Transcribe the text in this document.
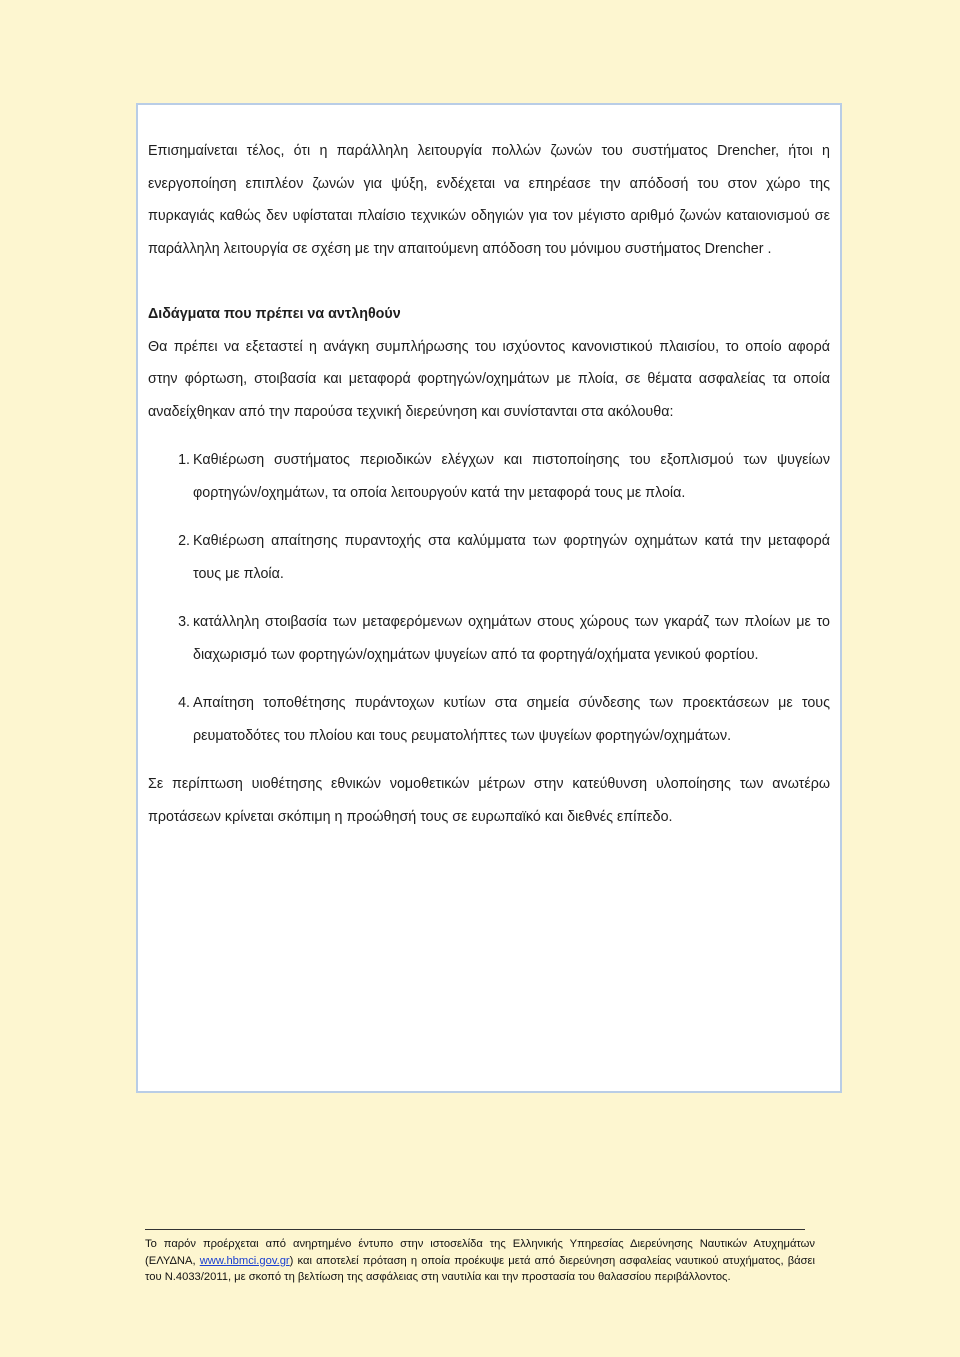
Επισημαίνεται τέλος, ότι η παράλληλη λειτουργία πολλών ζωνών του συστήματος Drencher, ήτοι η ενεργοποίηση επιπλέον ζωνών για ψύξη, ενδέχεται να επηρέασε την απόδοσή του στον χώρο της πυρκαγιάς καθώς δεν υφίσταται πλαίσιο τεχνικών οδηγιών για τον μέγιστο αριθμό ζωνών καταιονισμού σε παράλληλη λειτουργία σε σχέση με την απαιτούμενη απόδοση του μόνιμου συστήματος Drencher .

Διδάγματα που πρέπει να αντληθούν

Θα πρέπει να εξεταστεί η ανάγκη συμπλήρωσης του ισχύοντος κανονιστικού πλαισίου, το οποίο αφορά στην φόρτωση, στοιβασία και μεταφορά φορτηγών/οχημάτων με πλοία, σε θέματα ασφαλείας τα οποία αναδείχθηκαν από την παρούσα τεχνική διερεύνηση και συνίστανται στα ακόλουθα:

1. Καθιέρωση συστήματος περιοδικών ελέγχων και πιστοποίησης του εξοπλισμού των ψυγείων φορτηγών/οχημάτων, τα οποία λειτουργούν κατά την μεταφορά τους με πλοία.
2. Καθιέρωση απαίτησης πυραντοχής στα καλύμματα των φορτηγών οχημάτων κατά την μεταφορά τους με πλοία.
3. κατάλληλη στοιβασία των μεταφερόμενων οχημάτων στους χώρους των γκαράζ των πλοίων με το διαχωρισμό των φορτηγών/οχημάτων ψυγείων από τα φορτηγά/οχήματα γενικού φορτίου.
4. Απαίτηση τοποθέτησης πυράντοχων κυτίων στα σημεία σύνδεσης των προεκτάσεων με τους ρευματοδότες του πλοίου και τους ρευματολήπτες των ψυγείων φορτηγών/οχημάτων.

Σε περίπτωση υιοθέτησης εθνικών νομοθετικών μέτρων στην κατεύθυνση υλοποίησης των ανωτέρω προτάσεων κρίνεται σκόπιμη η προώθησή τους σε ευρωπαϊκό και διεθνές επίπεδο.

Το παρόν προέρχεται από ανηρτημένο έντυπο στην ιστοσελίδα της Ελληνικής Υπηρεσίας Διερεύνησης Ναυτικών Ατυχημάτων (ΕΛΥΔΝΑ, www.hbmci.gov.gr) και αποτελεί πρόταση η οποία προέκυψε μετά από διερεύνηση ασφαλείας ναυτικού ατυχήματος, βάσει του Ν.4033/2011, με σκοπό τη βελτίωση της ασφάλειας στη ναυτιλία και την προστασία του θαλασσίου περιβάλλοντος.
